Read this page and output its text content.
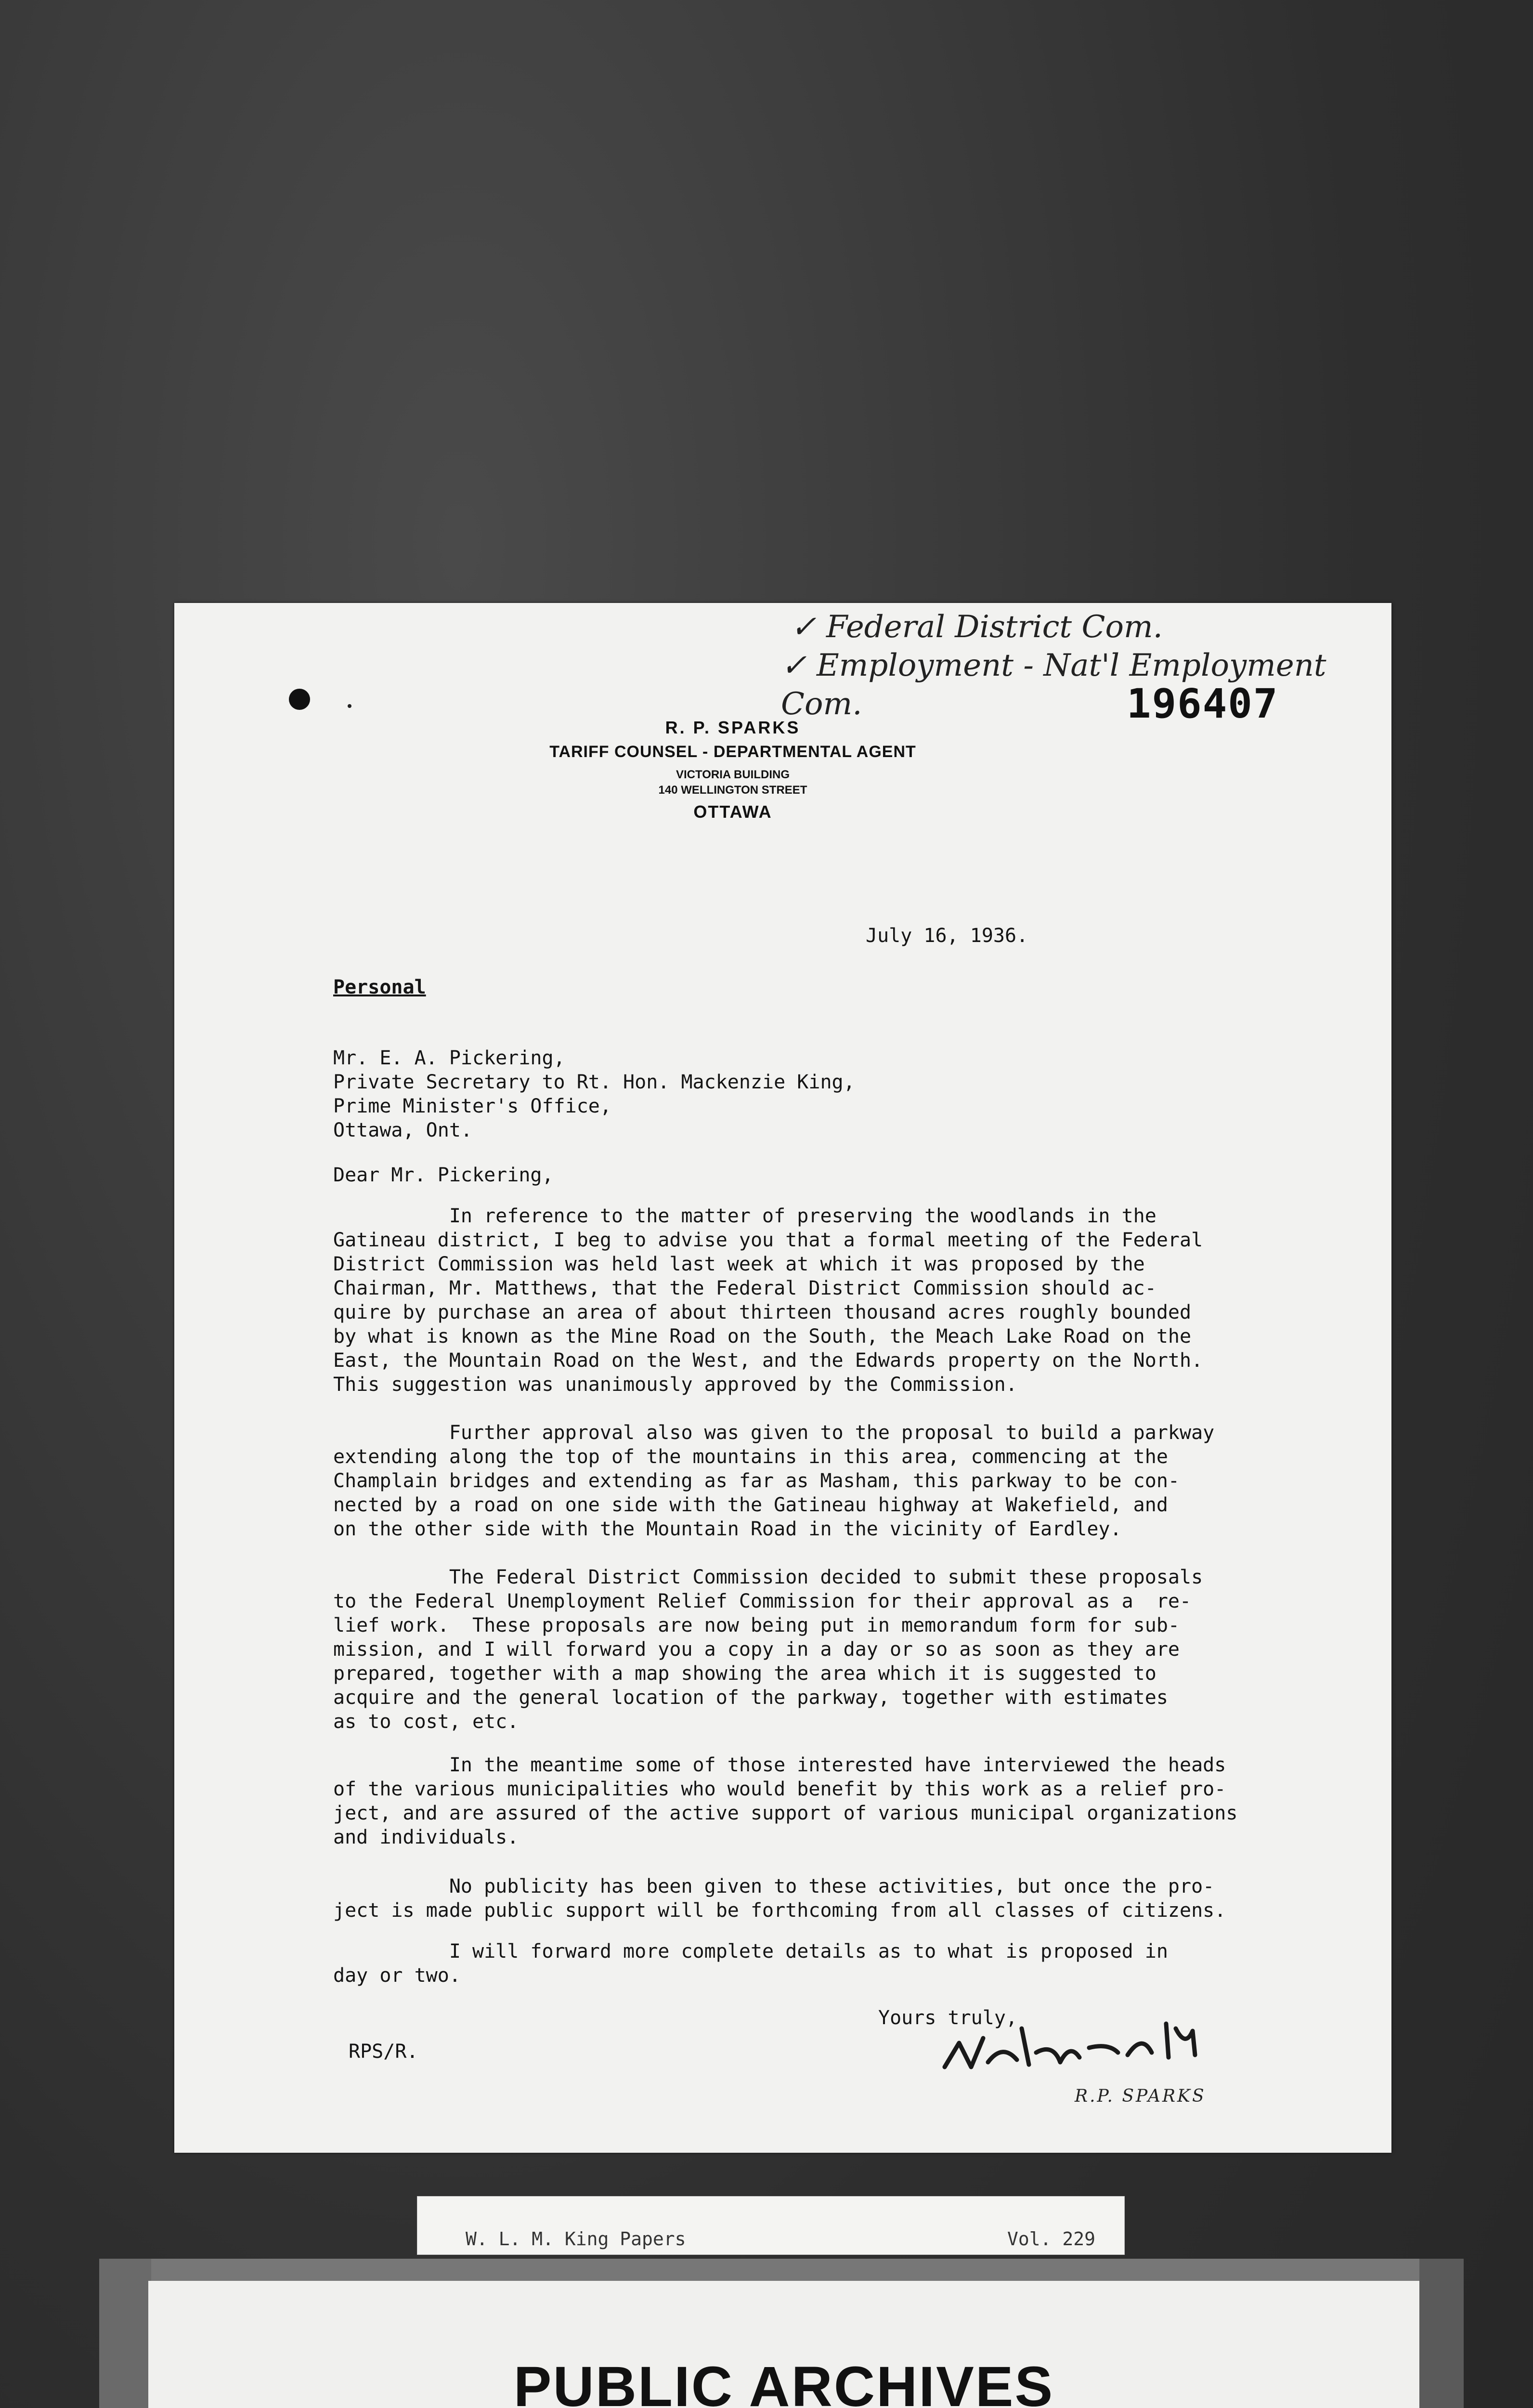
✓ Federal District Com.
✓ Employment - Nat'l Employment Com.	196407
R. P. SPARKS
TARIFF COUNSEL - DEPARTMENTAL AGENT
VICTORIA BUILDING
140 WELLINGTON STREET
OTTAWA
July 16, 1936.
Personal
Mr. E. A. Pickering,
Private Secretary to Rt. Hon. Mackenzie King,
Prime Minister's Office,
Ottawa, Ont.
Dear Mr. Pickering,
In reference to the matter of preserving the woodlands in the
Gatineau district, I beg to advise you that a formal meeting of the Federal
District Commission was held last week at which it was proposed by the
Chairman, Mr. Matthews, that the Federal District Commission should ac-
quire by purchase an area of about thirteen thousand acres roughly bounded
by what is known as the Mine Road on the South, the Meach Lake Road on the
East, the Mountain Road on the West, and the Edwards property on the North.
This suggestion was unanimously approved by the Commission.
Further approval also was given to the proposal to build a parkway
extending along the top of the mountains in this area, commencing at the
Champlain bridges and extending as far as Masham, this parkway to be con-
nected by a road on one side with the Gatineau highway at Wakefield, and
on the other side with the Mountain Road in the vicinity of Eardley.
The Federal District Commission decided to submit these proposals
to the Federal Unemployment Relief Commission for their approval as a  re-
lief work.  These proposals are now being put in memorandum form for sub-
mission, and I will forward you a copy in a day or so as soon as they are
prepared, together with a map showing the area which it is suggested to
acquire and the general location of the parkway, together with estimates
as to cost, etc.
In the meantime some of those interested have interviewed the heads
of the various municipalities who would benefit by this work as a relief pro-
ject, and are assured of the active support of various municipal organizations
and individuals.
No publicity has been given to these activities, but once the pro-
ject is made public support will be forthcoming from all classes of citizens.
I will forward more complete details as to what is proposed in
day or two.
Yours truly,
RPS/R.
R.P. SPARKS
W. L. M. King Papers	Vol. 229
PUBLIC ARCHIVES
